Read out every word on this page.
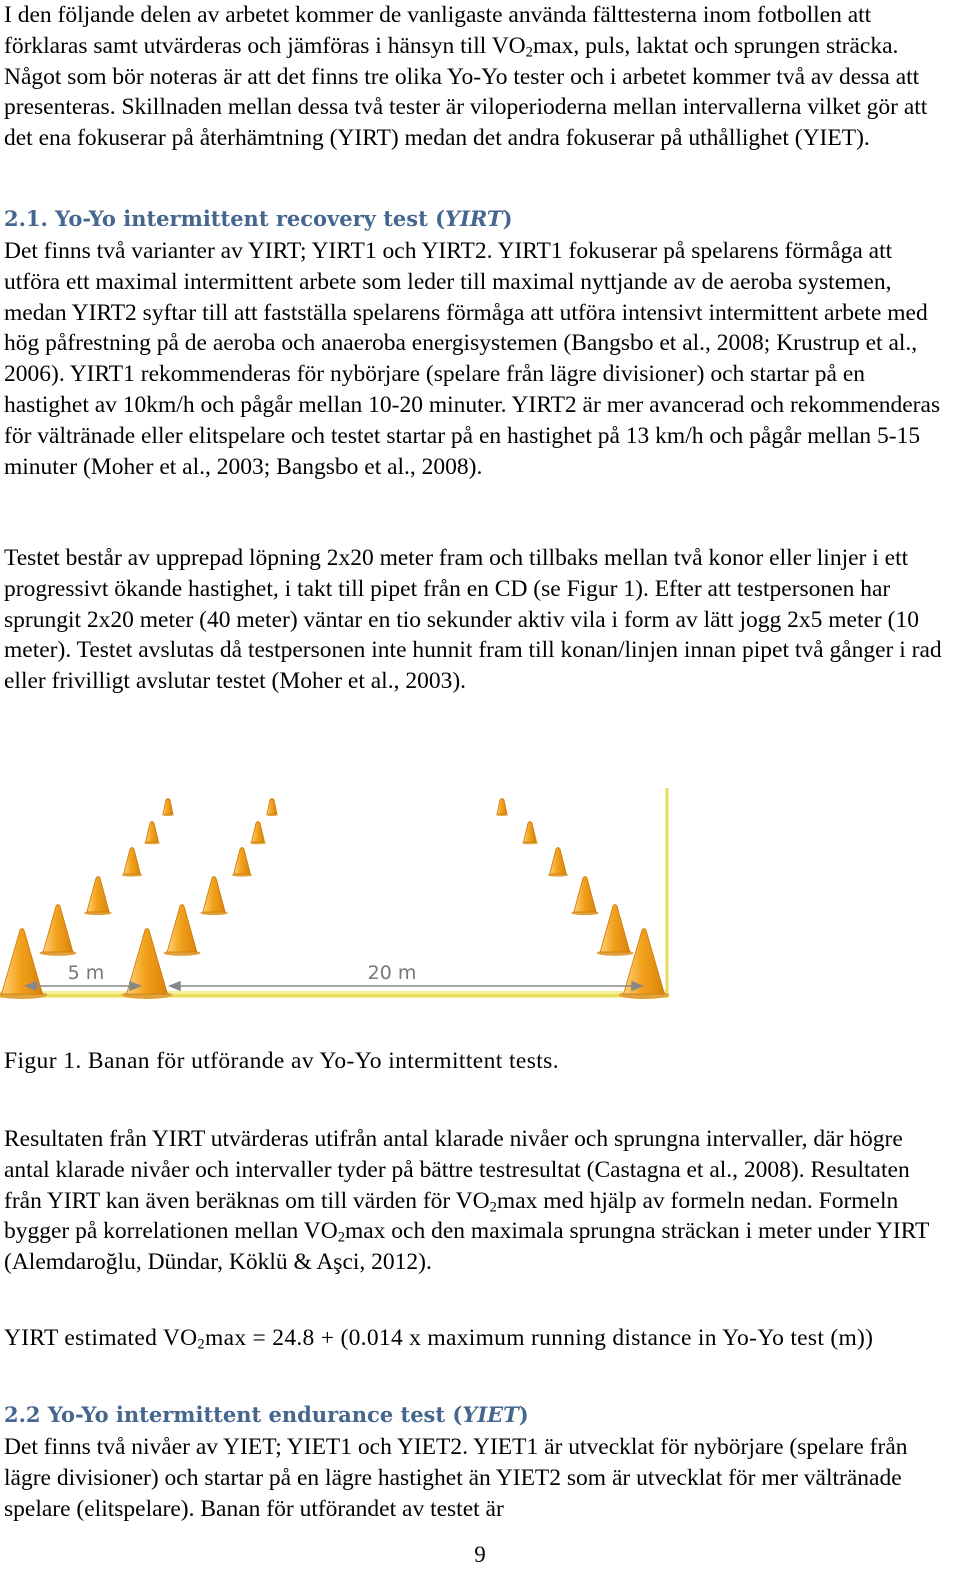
I den följande delen av arbetet kommer de vanligaste använda fälttesterna inom fotbollen att förklaras samt utvärderas och jämföras i hänsyn till $VO_2\max$, puls, laktat och sprungen sträcka. Något som bör noteras är att det finns tre olika Yo-Yo tester och i arbetet kommer två av dessa att presenteras. Skillnaden mellan dessa två tester är viloperioderna mellan intervallerna vilket gör att det ena fokuserar på återhämtning (YIRT) medan det andra fokuserar på uthållighet (YIET).

2.1. Yo-Yo intermittent recovery test (YIRT)

Det finns två varianter av YIRT; YIRT1 och YIRT2. YIRT1 fokuserar på spelarens förmåga att utföra ett maximal intermittent arbete som leder till maximal nyttjande av de aeroba systemen, medan YIRT2 syftar till att fastställa spelarens förmåga att utföra intensivt intermittent arbete med hög påfrestning på de aeroba och anaeroba energisystemen (Bangsbo et al., 2008; Krustrup et al., 2006). YIRT1 rekommenderas för nybörjare (spelare från lägre divisioner) och startar på en hastighet av 10km/h och pågår mellan 10-20 minuter. YIRT2 är mer avancerad och rekommenderas för vältränade eller elitspelare och testet startar på en hastighet på 13 km/h och pågår mellan 5-15 minuter (Moher et al., 2003; Bangsbo et al., 2008).

Testet består av upprepad löpning 2x20 meter fram och tillbaks mellan två konor eller linjer i ett progressivt ökande hastighet, i takt till pipet från en CD (se Figur 1). Efter att testpersonen har sprungit 2x20 meter (40 meter) väntar en tio sekunder aktiv vila i form av lätt jogg 2x5 meter (10 meter). Testet avslutas då testpersonen inte hunnit fram till konan/linjen innan pipet två gånger i rad eller frivilligt avslutar testet (Moher et al., 2003).

5 m	20 m

Figur 1. Banan för utförande av Yo-Yo intermittent tests.

Resultaten från YIRT utvärderas utifrån antal klarade nivåer och sprungna intervaller, där högre antal klarade nivåer och intervaller tyder på bättre testresultat (Castagna et al., 2008). Resultaten från YIRT kan även beräknas om till värden för $VO_2\max$ med hjälp av formeln nedan. Formeln bygger på korrelationen mellan $VO_2\max$ och den maximala sprungna sträckan i meter under YIRT (Alemdaroğlu, Dündar, Köklü & Aşci, 2012).

YIRT estimated $VO_2\max = 24.8 + (0.014$ x maximum running distance in Yo-Yo test (m))

2.2 Yo-Yo intermittent endurance test (YIET)

Det finns två nivåer av YIET; YIET1 och YIET2. YIET1 är utvecklat för nybörjare (spelare från lägre divisioner) och startar på en lägre hastighet än YIET2 som är utvecklat för mer vältränade spelare (elitspelare). Banan för utförandet av testet är

9
